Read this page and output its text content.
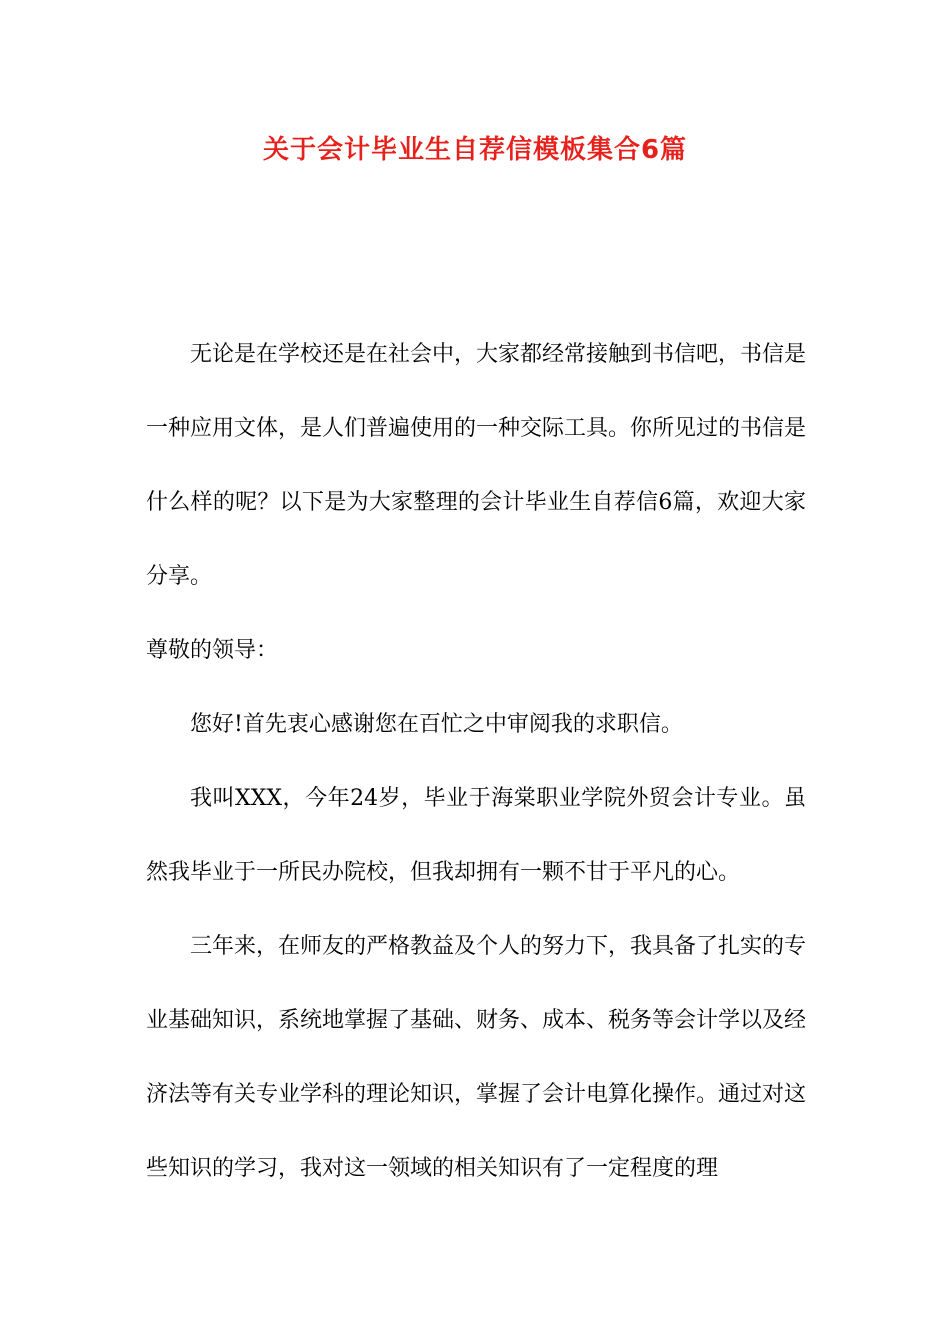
关于会计毕业生自荐信模板集合6篇

无论是在学校还是在社会中，大家都经常接触到书信吧，书信是一种应用文体，是人们普遍使用的一种交际工具。你所见过的书信是什么样的呢？以下是为大家整理的会计毕业生自荐信6篇，欢迎大家分享。

尊敬的领导：

您好!首先衷心感谢您在百忙之中审阅我的求职信。

我叫XXX，今年24岁，毕业于海棠职业学院外贸会计专业。虽然我毕业于一所民办院校，但我却拥有一颗不甘于平凡的心。

三年来，在师友的严格教益及个人的努力下，我具备了扎实的专业基础知识，系统地掌握了基础、财务、成本、税务等会计学以及经济法等有关专业学科的理论知识，掌握了会计电算化操作。通过对这些知识的学习，我对这一领域的相关知识有了一定程度的理
